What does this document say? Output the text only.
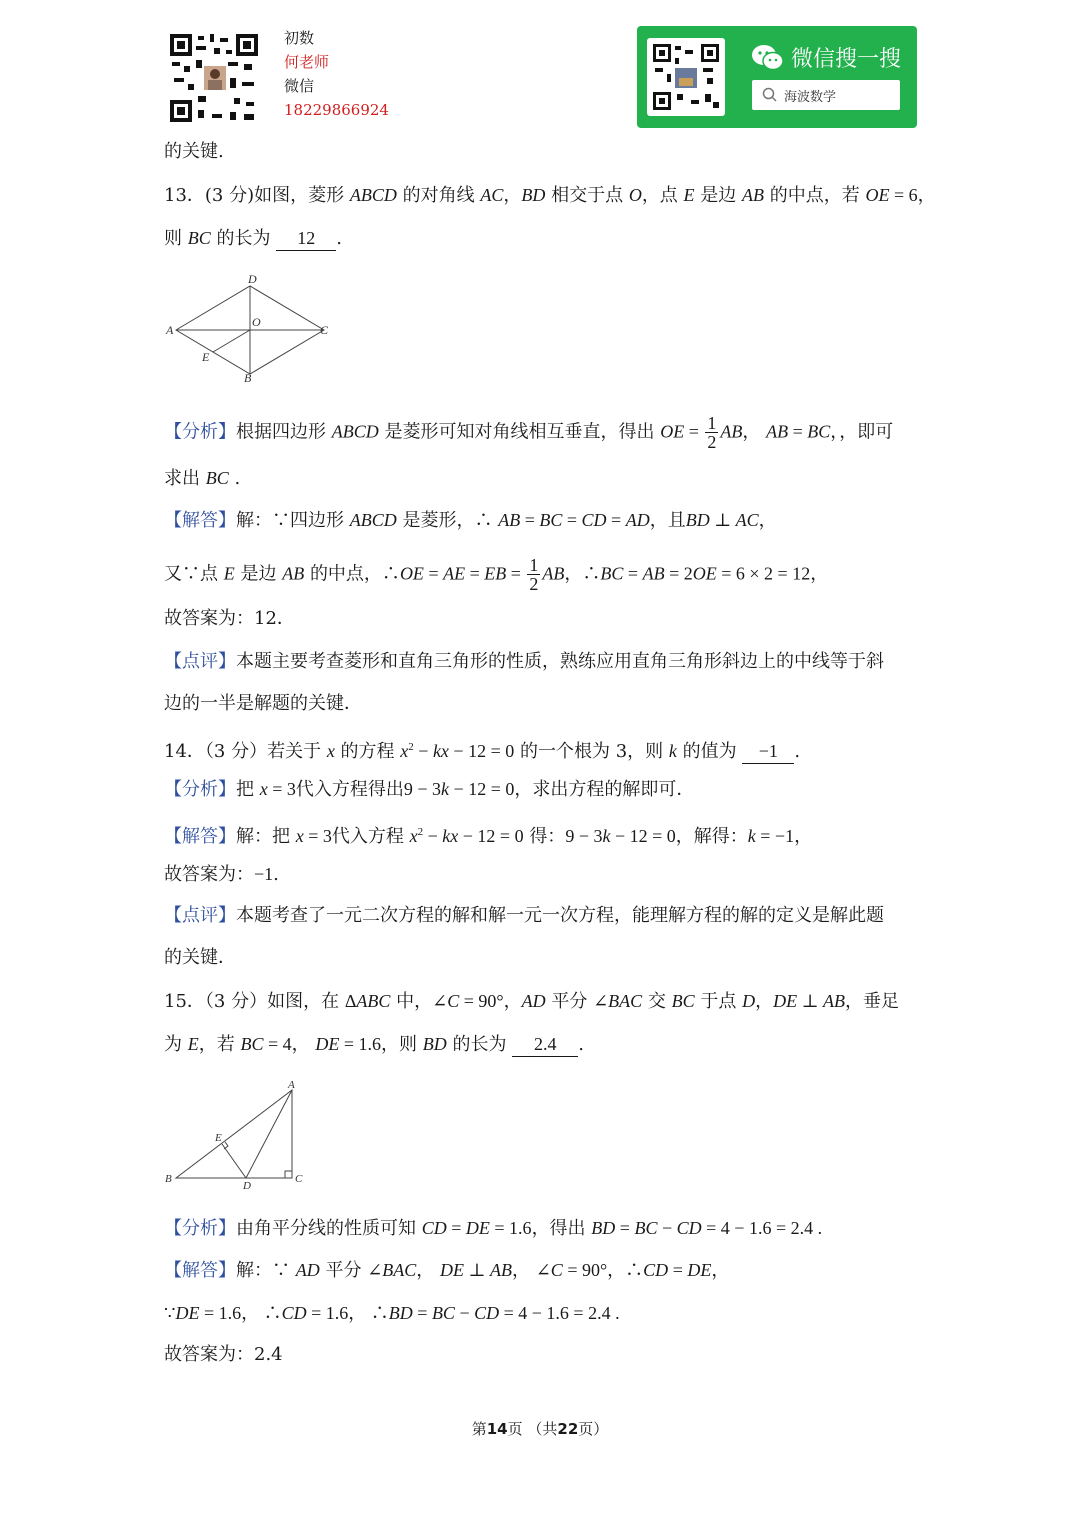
初数
何老师
微信
18229866924
微信搜一搜
海波数学
的关键.
13．(3 分)如图，菱形 ABCD 的对角线 AC，BD 相交于点 O，点 E 是边 AB 的中点，若 OE = 6，
则 BC 的长为 12 .
D
A
O
C
E
B
【分析】根据四边形 ABCD 是菱形可知对角线相互垂直，得出 OE = $\frac{1}{2}$ AB， AB = BC，，即可
求出 BC .
【解答】解：∵四边形 ABCD 是菱形，∴ AB = BC = CD = AD，且BD ⊥ AC，
又∵点 E 是边 AB 的中点，∴OE = AE = EB = $\frac{1}{2}$ AB，∴BC = AB = 2OE = 6 × 2 = 12，
故答案为：12．
【点评】本题主要考查菱形和直角三角形的性质，熟练应用直角三角形斜边上的中线等于斜
边的一半是解题的关键．
14．（3 分）若关于 x 的方程 $x^2$ − kx − 12 = 0 的一个根为 3，则 k 的值为 −1 .
【分析】把 x = 3代入方程得出9 − 3k − 12 = 0，求出方程的解即可．
【解答】解：把 x = 3代入方程 $x^2$ − kx − 12 = 0 得：9 − 3k − 12 = 0，解得：k = −1，
故答案为：−1.
【点评】本题考查了一元二次方程的解和解一元一次方程，能理解方程的解的定义是解此题
的关键．
15．（3 分）如图，在 ΔABC 中，∠C = 90°，AD 平分 ∠BAC 交 BC 于点 D，DE ⊥ AB，垂足
为 E，若 BC = 4， DE = 1.6，则 BD 的长为 2.4 .
A
E
B
D
C
【分析】由角平分线的性质可知 CD = DE = 1.6，得出 BD = BC − CD = 4 − 1.6 = 2.4 .
【解答】解：∵ AD 平分 ∠BAC， DE ⊥ AB， ∠C = 90°，∴CD = DE，
∵DE = 1.6， ∴CD = 1.6， ∴BD = BC − CD = 4 − 1.6 = 2.4 .
故答案为：2.4
第14页 （共22页）
